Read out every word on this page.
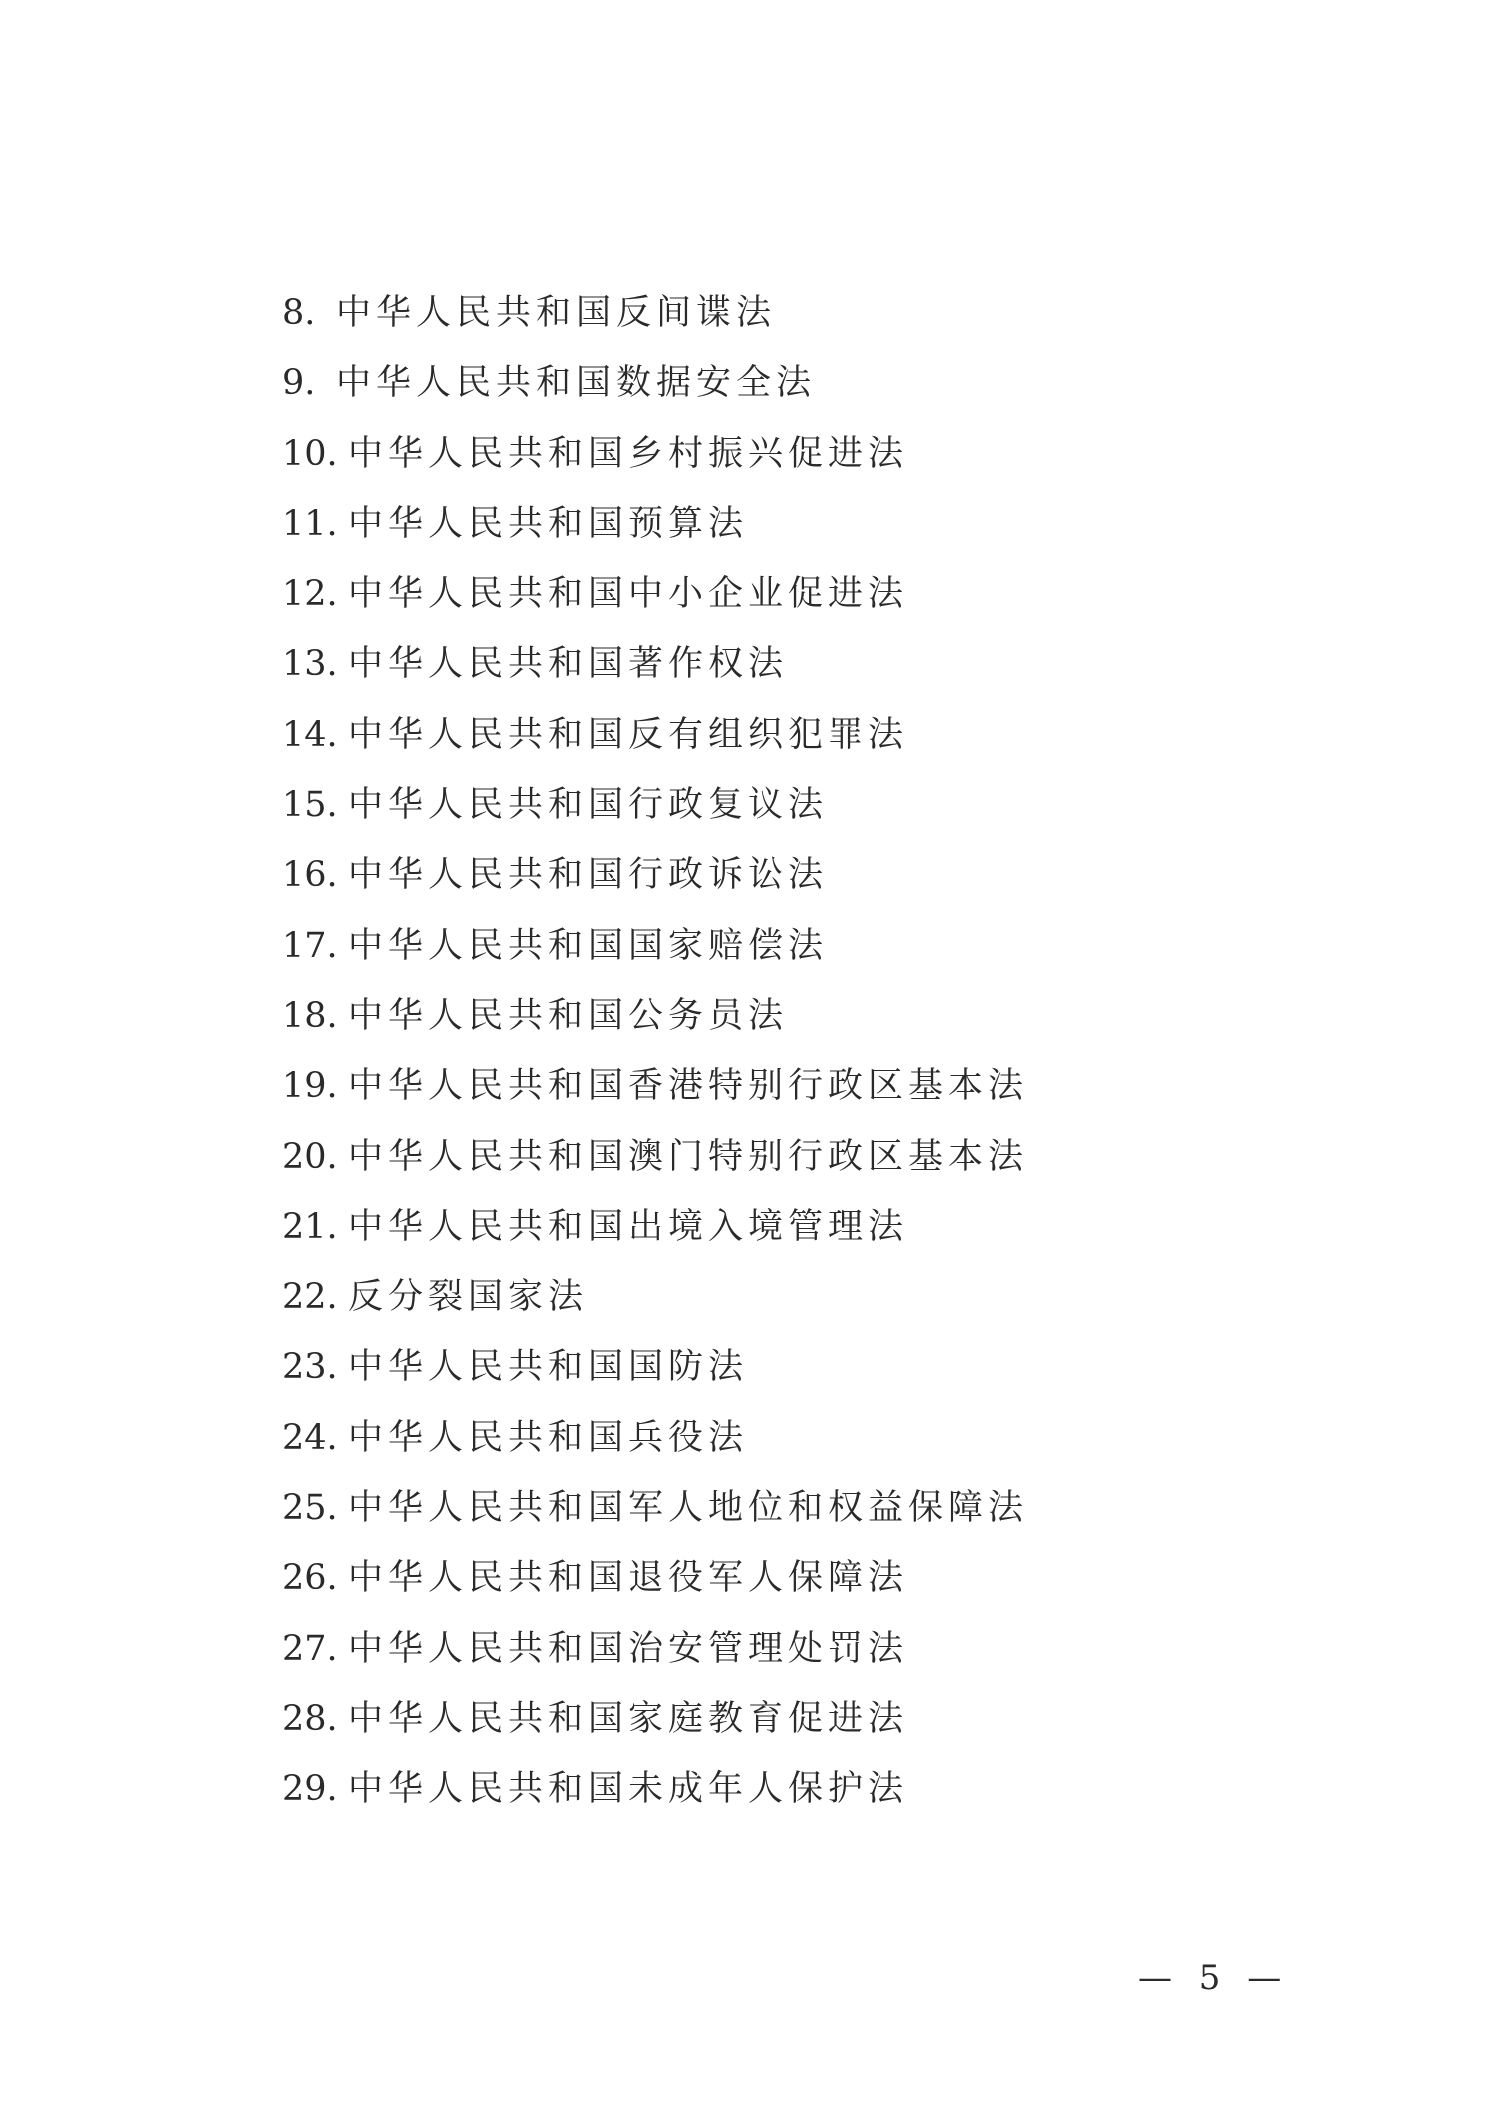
8. 中华人民共和国反间谍法
9. 中华人民共和国数据安全法
10. 中华人民共和国乡村振兴促进法
11. 中华人民共和国预算法
12. 中华人民共和国中小企业促进法
13. 中华人民共和国著作权法
14. 中华人民共和国反有组织犯罪法
15. 中华人民共和国行政复议法
16. 中华人民共和国行政诉讼法
17. 中华人民共和国国家赔偿法
18. 中华人民共和国公务员法
19. 中华人民共和国香港特别行政区基本法
20. 中华人民共和国澳门特别行政区基本法
21. 中华人民共和国出境入境管理法
22. 反分裂国家法
23. 中华人民共和国国防法
24. 中华人民共和国兵役法
25. 中华人民共和国军人地位和权益保障法
26. 中华人民共和国退役军人保障法
27. 中华人民共和国治安管理处罚法
28. 中华人民共和国家庭教育促进法
29. 中华人民共和国未成年人保护法
— 5 —
